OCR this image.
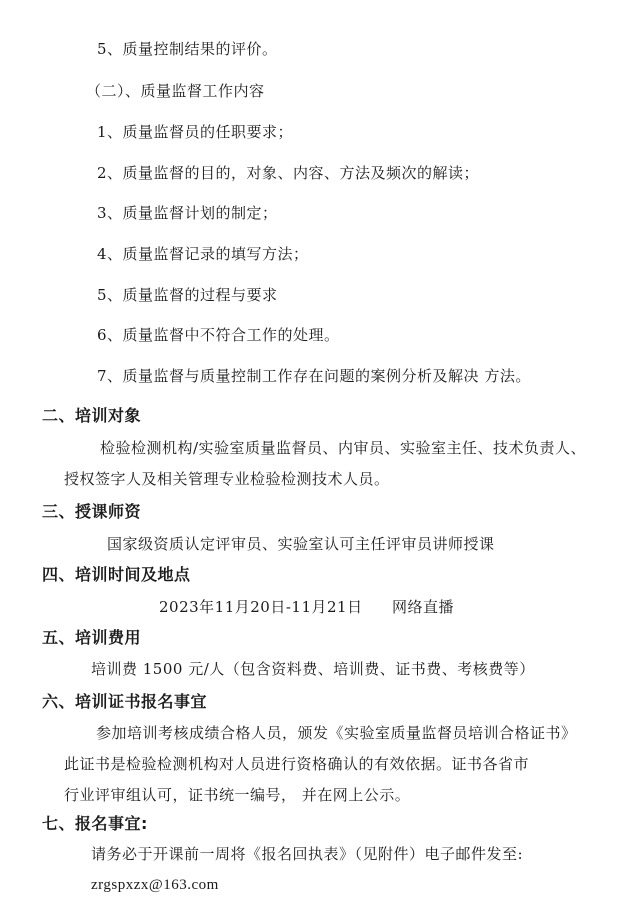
5、质量控制结果的评价。
（二）、质量监督工作内容
1、质量监督员的任职要求；
2、质量监督的目的，对象、内容、方法及频次的解读；
3、质量监督计划的制定；
4、质量监督记录的填写方法；
5、质量监督的过程与要求
6、质量监督中不符合工作的处理。
7、质量监督与质量控制工作存在问题的案例分析及解决 方法。
二、培训对象
检验检测机构/实验室质量监督员、内审员、实验室主任、技术负责人、
授权签字人及相关管理专业检验检测技术人员。
三、授课师资
国家级资质认定评审员、实验室认可主任评审员讲师授课
四、培训时间及地点
2023年11月20日-11月21日 网络直播
五、培训费用
培训费 1500 元/人（包含资料费、培训费、证书费、考核费等）
六、培训证书报名事宜
参加培训考核成绩合格人员，颁发《实验室质量监督员培训合格证书》
此证书是检验检测机构对人员进行资格确认的有效依据。证书各省市
行业评审组认可，证书统一编号， 并在网上公示。
七、报名事宜:
请务必于开课前一周将《报名回执表》（见附件）电子邮件发至:
zrgspxzx@163.com
